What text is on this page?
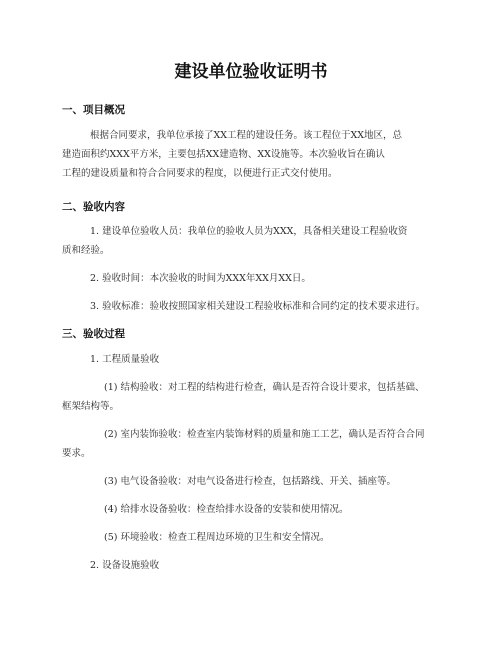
建设单位验收证明书
一、项目概况
根据合同要求，我单位承接了XX工程的建设任务。该工程位于XX地区，总
建造面积约XXX平方米，主要包括XX建造物、XX设施等。本次验收旨在确认
工程的建设质量和符合合同要求的程度，以便进行正式交付使用。
二、验收内容
1. 建设单位验收人员：我单位的验收人员为XXX，具备相关建设工程验收资
质和经验。
2. 验收时间：本次验收的时间为XXX年XX月XX日。
3. 验收标准：验收按照国家相关建设工程验收标准和合同约定的技术要求进行。
三、验收过程
1. 工程质量验收
(1) 结构验收：对工程的结构进行检查，确认是否符合设计要求，包括基础、
框架结构等。
(2) 室内装饰验收：检查室内装饰材料的质量和施工工艺，确认是否符合合同
要求。
(3) 电气设备验收：对电气设备进行检查，包括路线、开关、插座等。
(4) 给排水设备验收：检查给排水设备的安装和使用情况。
(5) 环境验收：检查工程周边环境的卫生和安全情况。
2. 设备设施验收
